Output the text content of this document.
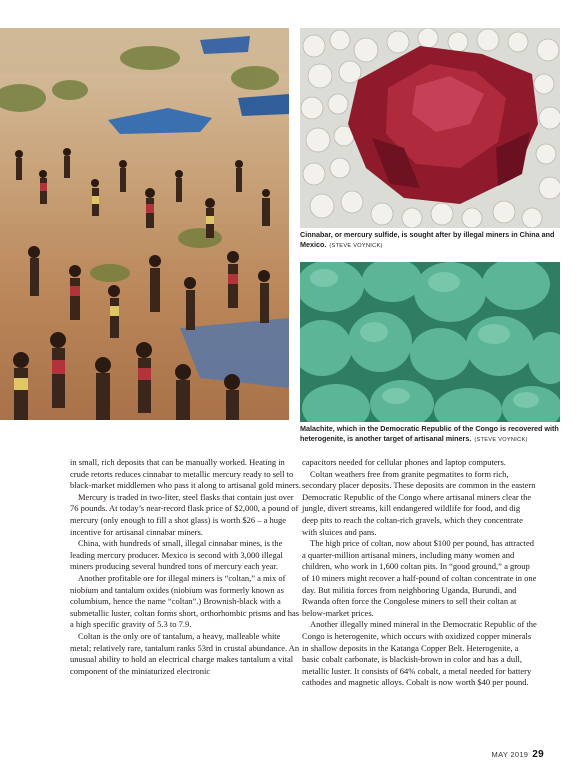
Cinnabar, or mercury sulfide, is sought after by illegal miners in China and Mexico. (STEVE VOYNICK)
Malachite, which in the Democratic Republic of the Congo is recovered with heterogenite, is another target of artisanal miners. (STEVE VOYNICK)

in small, rich deposits that can be manually worked. Heating in crude retorts reduces cinnabar to metallic mercury ready to sell to black-market middlemen who pass it along to artisanal gold miners.

Mercury is traded in two-liter, steel flasks that contain just over 76 pounds. At today’s near-record flask price of $2,000, a pound of mercury (only enough to fill a shot glass) is worth $26 – a huge incentive for artisanal cinnabar miners.

China, with hundreds of small, illegal cinnabar mines, is the leading mercury producer. Mexico is second with 3,000 illegal miners producing several hundred tons of mercury each year.

Another profitable ore for illegal miners is “coltan,” a mix of niobium and tantalum oxides (niobium was formerly known as columbium, hence the name “coltan”.) Brownish-black with a submetallic luster, coltan forms short, orthorhombic prisms and has a high specific gravity of 5.3 to 7.9.

Coltan is the only ore of tantalum, a heavy, malleable white metal; relatively rare, tantalum ranks 53rd in crustal abundance. An unusual ability to hold an electrical charge makes tantalum a vital component of the miniaturized electronic

capacitors needed for cellular phones and laptop computers.

Coltan weathers free from granite pegmatites to form rich, secondary placer deposits. These deposits are common in the eastern Democratic Republic of the Congo where artisanal miners clear the jungle, divert streams, kill endangered wildlife for food, and dig deep pits to reach the coltan-rich gravels, which they concentrate with sluices and pans.

The high price of coltan, now about $100 per pound, has attracted a quarter-million artisanal miners, including many women and children, who work in 1,600 coltan pits. In “good ground,” a group of 10 miners might recover a half-pound of coltan concentrate in one day. But militia forces from neighboring Uganda, Burundi, and Rwanda often force the Congolese miners to sell their coltan at below-market prices.

Another illegally mined mineral in the Democratic Republic of the Congo is heterogenite, which occurs with oxidized copper minerals in shallow deposits in the Katanga Copper Belt. Heterogenite, a basic cobalt carbonate, is blackish-brown in color and has a dull, metallic luster. It consists of 64% cobalt, a metal needed for battery cathodes and magnetic alloys. Cobalt is now worth $40 per pound.

MAY 2019 29
